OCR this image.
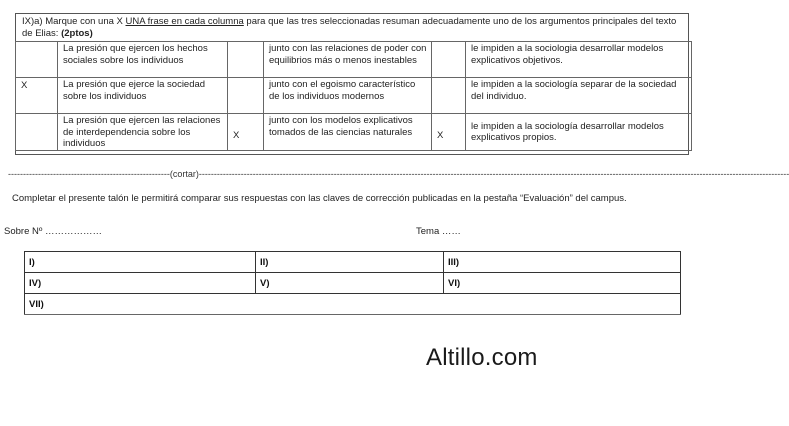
IX)a) Marque con una X UNA frase en cada columna para que las tres seleccionadas resuman adecuadamente uno de los argumentos principales del texto de Elias: (2ptos)
	La presión que ejercen los hechos sociales sobre los individuos		junto con las relaciones de poder con equilibrios más o menos inestables		le impiden a la sociologia desarrollar modelos explicativos objetivos.
X	La presión que ejerce la sociedad sobre los individuos		junto con el egoismo característico de los individuos modernos		le impiden a la sociología separar de la sociedad del individuo.
	La presión que ejercen las relaciones de interdependencia sobre los individuos	X	junto con los modelos explicativos tomados de las ciencias naturales	X	le impiden a la sociología desarrollar modelos explicativos propios.
------------------------------------------------------(cortar)-----------------------------------------------------------------------------------------------------------------------------------------------------------------------------------------------------
Completar el presente talón le permitirá comparar sus respuestas con las claves de corrección publicadas en la pestaña “Evaluación” del campus.
Sobre Nº ………………	Tema ……
I)	II)	III)
IV)	V)	VI)
VII)		
Altillo.com
